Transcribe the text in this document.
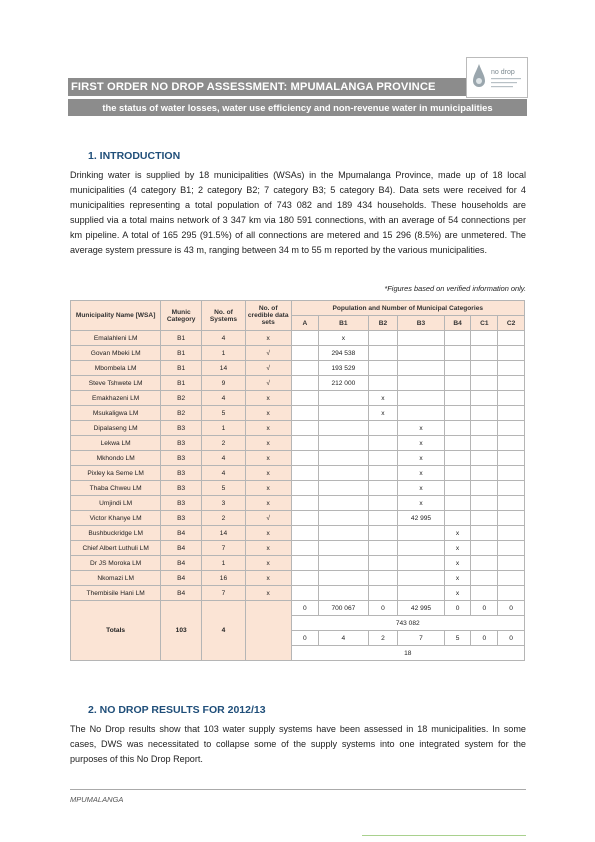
FIRST ORDER NO DROP ASSESSMENT: MPUMALANGA PROVINCE
the status of water losses, water use efficiency and non-revenue water in municipalities
no drop
1. INTRODUCTION
Drinking water is supplied by 18 municipalities (WSAs) in the Mpumalanga Province, made up of 18 local municipalities (4 category B1; 2 category B2; 7 category B3; 5 category B4). Data sets were received for 4 municipalities representing a total population of 743 082 and 189 434 households. These households are supplied via a total mains network of 3 347 km via 180 591 connections, with an average of 54 connections per km pipeline. A total of 165 295 (91.5%) of all connections are metered and 15 296 (8.5%) are unmetered. The average system pressure is 43 m, ranging between 34 m to 55 m reported by the various municipalities.
*Figures based on verified information only.
Municipality Name [WSA]	Munic Category	No. of Systems	No. of credible data sets	Population and Number of Municipal Categories						
				A	B1	B2	B3	B4	C1	C2
Emalahleni LM	B1	4	x		x					
Govan Mbeki LM	B1	1	√		294 538					
Mbombela LM	B1	14	√		193 529					
Steve Tshwete LM	B1	9	√		212 000					
Emakhazeni LM	B2	4	x			x				
Msukaligwa LM	B2	5	x			x				
Dipalaseng LM	B3	1	x				x			
Lekwa LM	B3	2	x				x			
Mkhondo LM	B3	4	x				x			
Pixley ka Seme LM	B3	4	x				x			
Thaba Chweu LM	B3	5	x				x			
Umjindi LM	B3	3	x				x			
Victor Khanye LM	B3	2	√				42 995			
Bushbuckridge LM	B4	14	x					x		
Chief Albert Luthuli LM	B4	7	x					x		
Dr JS Moroka LM	B4	1	x					x		
Nkomazi LM	B4	16	x					x		
Thembisile Hani LM	B4	7	x					x		
Totals	103	4		0	700 067	0	42 995	0	0	0
				743 082						
				0	4	2	7	5	0	0
				18						
2. NO DROP RESULTS FOR 2012/13
The No Drop results show that 103 water supply systems have been assessed in 18 municipalities. In some cases, DWS was necessitated to collapse some of the supply systems into one integrated system for the purposes of this No Drop Report.
MPUMALANGA
